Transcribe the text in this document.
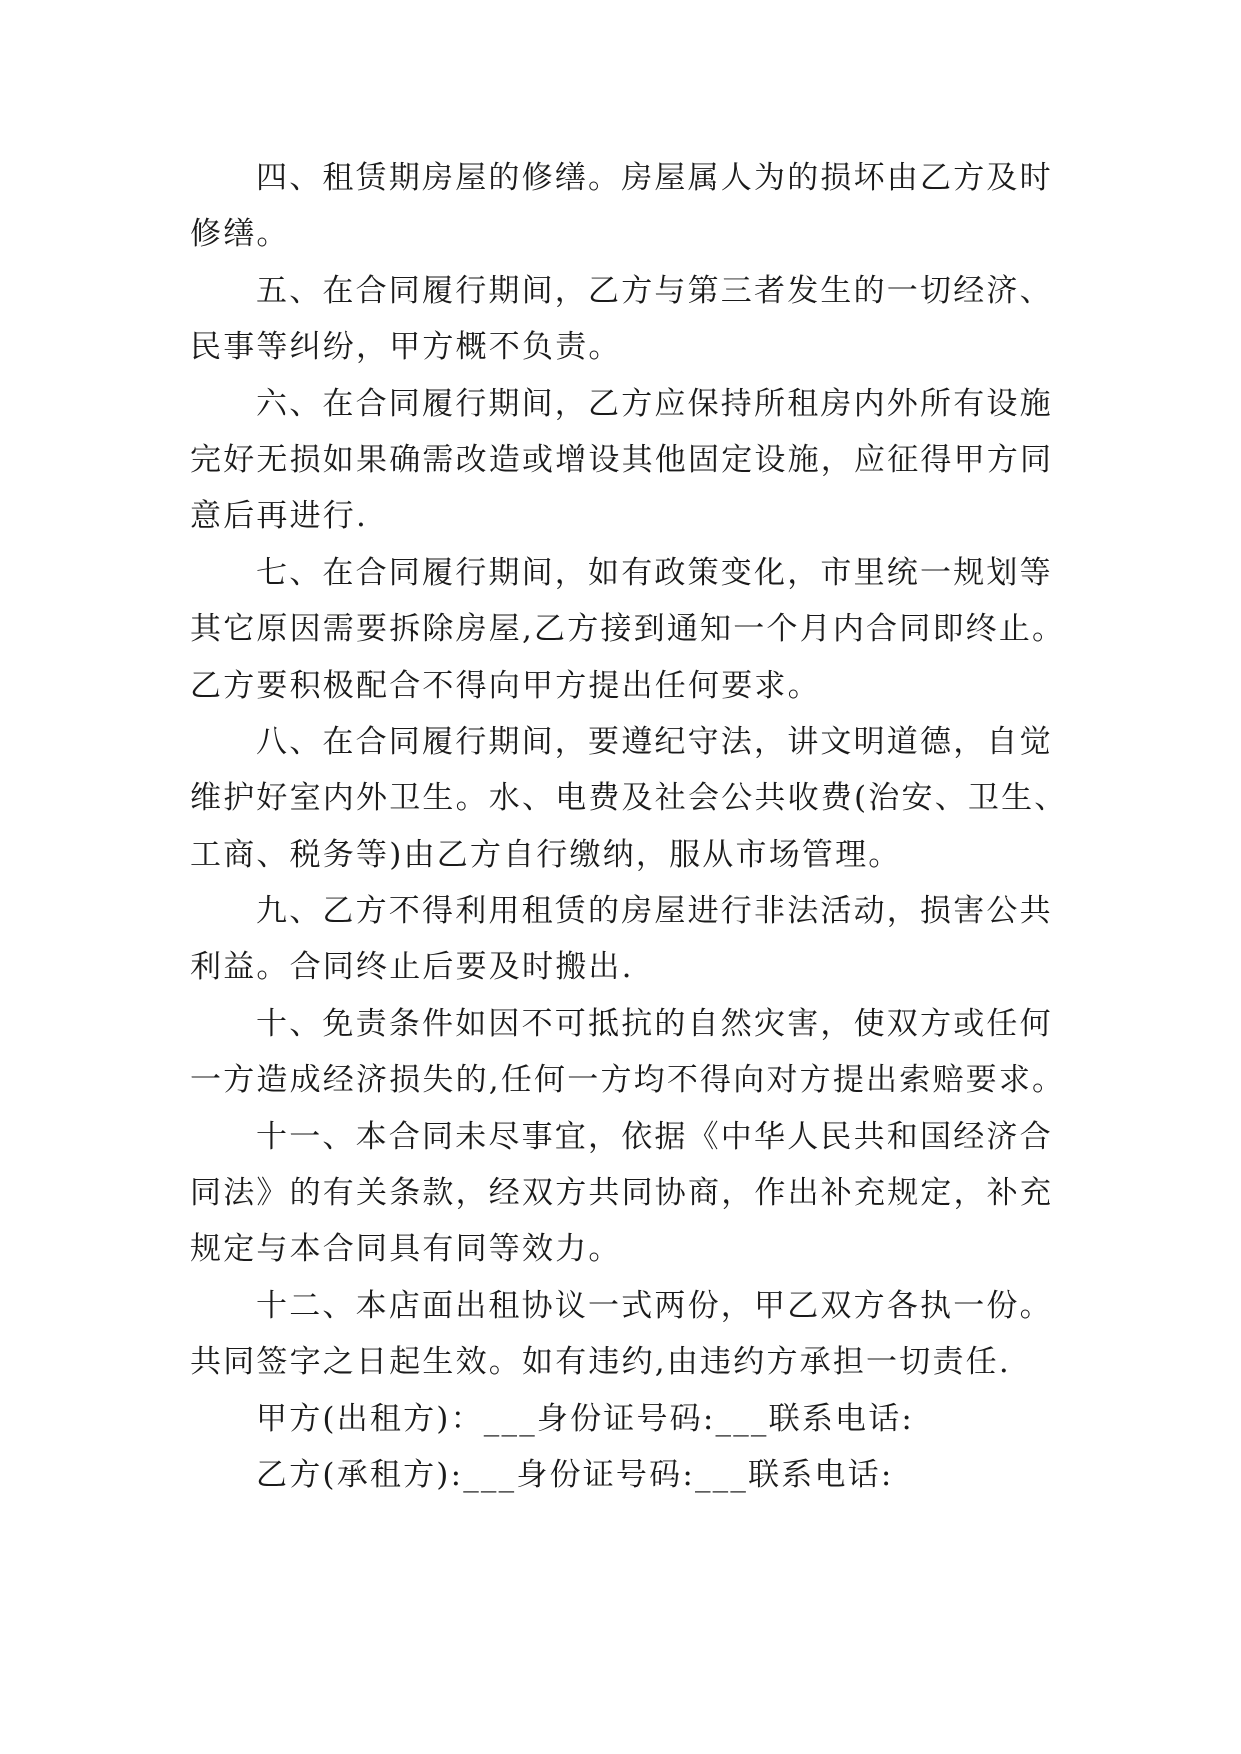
四、租赁期房屋的修缮。房屋属人为的损坏由乙方及时
修缮。
五、在合同履行期间，乙方与第三者发生的一切经济、
民事等纠纷，甲方概不负责。
六、在合同履行期间，乙方应保持所租房内外所有设施
完好无损如果确需改造或增设其他固定设施，应征得甲方同
意后再进行.
七、在合同履行期间，如有政策变化，市里统一规划等
其它原因需要拆除房屋,乙方接到通知一个月内合同即终止。
乙方要积极配合不得向甲方提出任何要求。
八、在合同履行期间，要遵纪守法，讲文明道德，自觉
维护好室内外卫生。水、电费及社会公共收费(治安、卫生、
工商、税务等)由乙方自行缴纳，服从市场管理。
九、乙方不得利用租赁的房屋进行非法活动，损害公共
利益。合同终止后要及时搬出.
十、免责条件如因不可抵抗的自然灾害，使双方或任何
一方造成经济损失的,任何一方均不得向对方提出索赔要求。
十一、本合同未尽事宜，依据《中华人民共和国经济合
同法》的有关条款，经双方共同协商，作出补充规定，补充
规定与本合同具有同等效力。
十二、本店面出租协议一式两份，甲乙双方各执一份。
共同签字之日起生效。如有违约,由违约方承担一切责任.
甲方(出租方)：___身份证号码:___联系电话:
乙方(承租方):___身份证号码:___联系电话:
